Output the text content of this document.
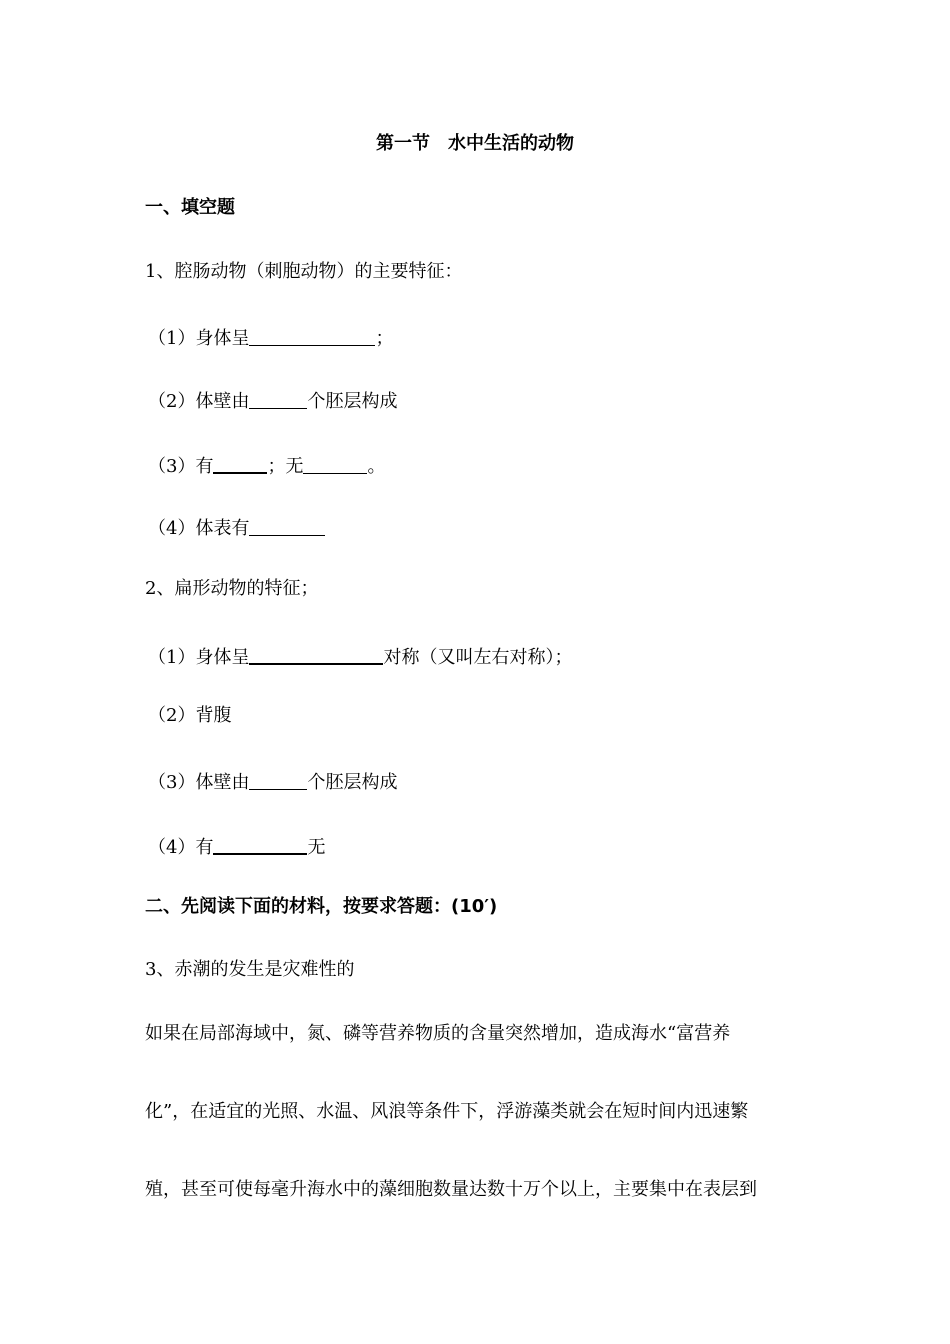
第一节 水中生活的动物
一、填空题
1、腔肠动物（刺胞动物）的主要特征：
（1）身体呈	；
（2）体壁由	个胚层构成
（3）有	；无	。
（4）体表有
2、扁形动物的特征；
（1）身体呈	对称（又叫左右对称）；
（2）背腹
（3）体壁由	个胚层构成
（4）有	无
二、先阅读下面的材料，按要求答题：(10′)
3、赤潮的发生是灾难性的
如果在局部海域中，氮、磷等营养物质的含量突然增加，造成海水“富营养
化”，在适宜的光照、水温、风浪等条件下，浮游藻类就会在短时间内迅速繁
殖，甚至可使每毫升海水中的藻细胞数量达数十万个以上，主要集中在表层到
